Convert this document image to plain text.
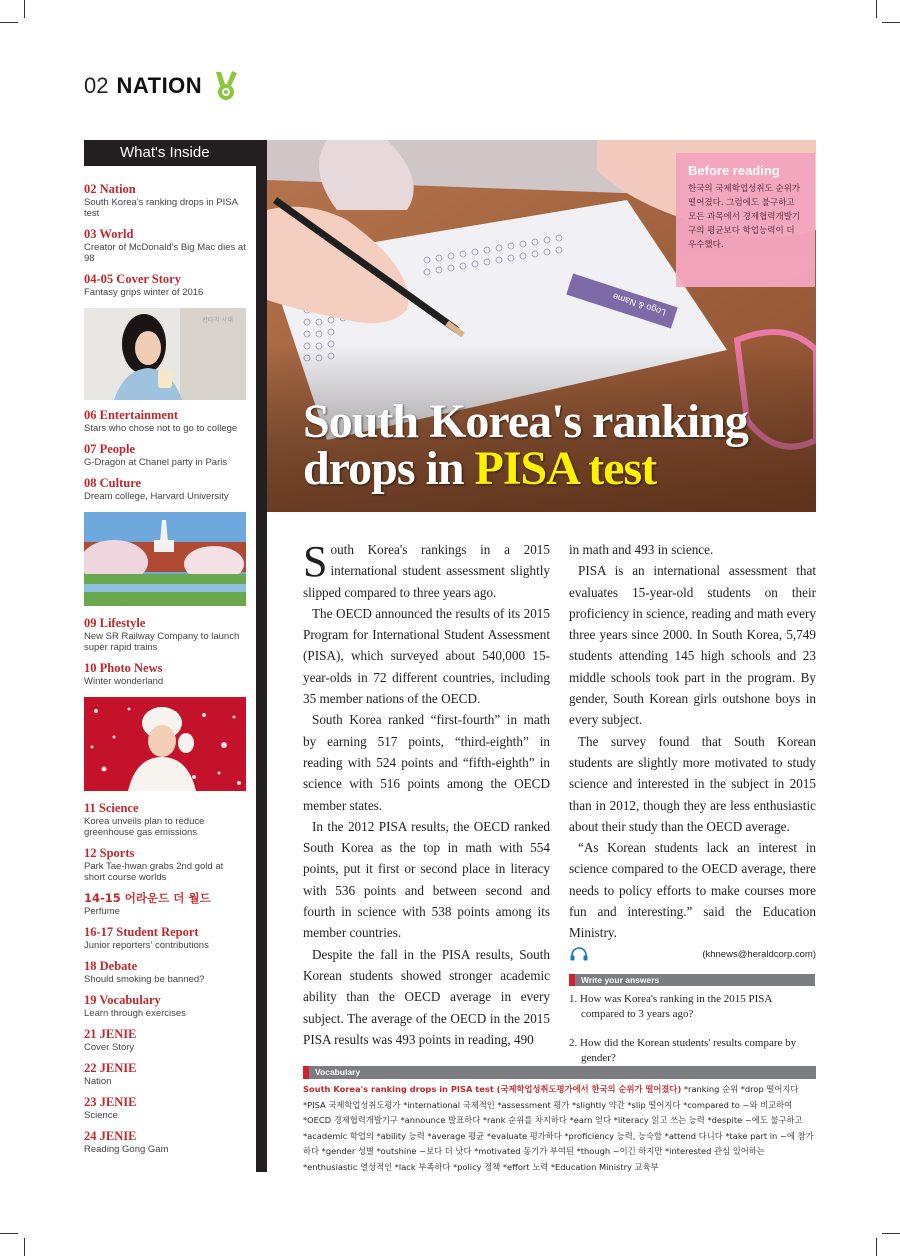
02 NATION
What's Inside
02 Nation
South Korea's ranking drops in PISA test
03 World
Creator of McDonald's Big Mac dies at 98
04-05 Cover Story
Fantasy grips winter of 2016
판타지 시대
06 Entertainment
Stars who chose not to go to college
07 People
G-Dragon at Chanel party in Paris
08 Culture
Dream college, Harvard University
09 Lifestyle
New SR Railway Company to launch super rapid trains
10 Photo News
Winter wonderland
11 Science
Korea unveils plan to reduce greenhouse gas emissions
12 Sports
Park Tae-hwan grabs 2nd gold at short course worlds
14-15 어라운드 더 월드
Perfume
16-17 Student Report
Junior reporters' contributions
18 Debate
Should smoking be banned?
19 Vocabulary
Learn through exercises
21 JENIE
Cover Story
22 JENIE
Nation
23 JENIE
Science
24 JENIE
Reading Gong Gam
Before reading

한국의 국제학업성취도 순위가 떨어졌다. 그럼에도 불구하고 모든 과목에서 경제협력개발기구의 평균보다 학업능력이 더 우수했다.

South Korea's ranking
drops in PISA test

South Korea's rankings in a 2015 international student assessment slightly slipped compared to three years ago.

The OECD announced the results of its 2015 Program for International Student Assessment (PISA), which surveyed about 540,000 15-year-olds in 72 different countries, including 35 member nations of the OECD.

South Korea ranked “first-fourth” in math by earning 517 points, “third-eighth” in reading with 524 points and “fifth-eighth” in science with 516 points among the OECD member states.

In the 2012 PISA results, the OECD ranked South Korea as the top in math with 554 points, put it first or second place in literacy with 536 points and between second and fourth in science with 538 points among its member countries.

Despite the fall in the PISA results, South Korean students showed stronger academic ability than the OECD average in every subject. The average of the OECD in the 2015 PISA results was 493 points in reading, 490

in math and 493 in science.

PISA is an international assessment that evaluates 15-year-old students on their proficiency in science, reading and math every three years since 2000. In South Korea, 5,749 students attending 145 high schools and 23 middle schools took part in the program. By gender, South Korean girls outshone boys in every subject.

The survey found that South Korean students are slightly more motivated to study science and interested in the subject in 2015 than in 2012, though they are less enthusiastic about their study than the OECD average.

“As Korean students lack an interest in science compared to the OECD average, there needs to policy efforts to make courses more fun and interesting.” said the Education Ministry.

(khnews@heraldcorp.com)
Write your answers
1. How was Korea's ranking in the 2015 PISA compared to 3 years ago?
2. How did the Korean students' results compare by gender?
Vocabulary
South Korea's ranking drops in PISA test (국제학업성취도평가에서 한국의 순위가 떨어졌다) *ranking 순위 *drop 떨어지다 *PISA 국제학업성취도평가 *international 국제적인 *assessment 평가 *slightly 약간 *slip 떨어지다 *compared to ~와 비교하여 *OECD 경제협력개발기구 *announce 발표하다 *rank 순위를 차지하다 *earn 얻다 *literacy 읽고 쓰는 능력 *despite ~에도 불구하고 *academic 학업의 *ability 능력 *average 평균 *evaluate 평가하다 *proficiency 능력, 능숙함 *attend 다니다 *take part in ~에 참가하다 *gender 성별 *outshine ~보다 더 낫다 *motivated 동기가 부여된 *though ~이긴 하지만 *interested 관심 있어하는 *enthusiastic 열성적인 *lack 부족하다 *policy 정책 *effort 노력 *Education Ministry 교육부
